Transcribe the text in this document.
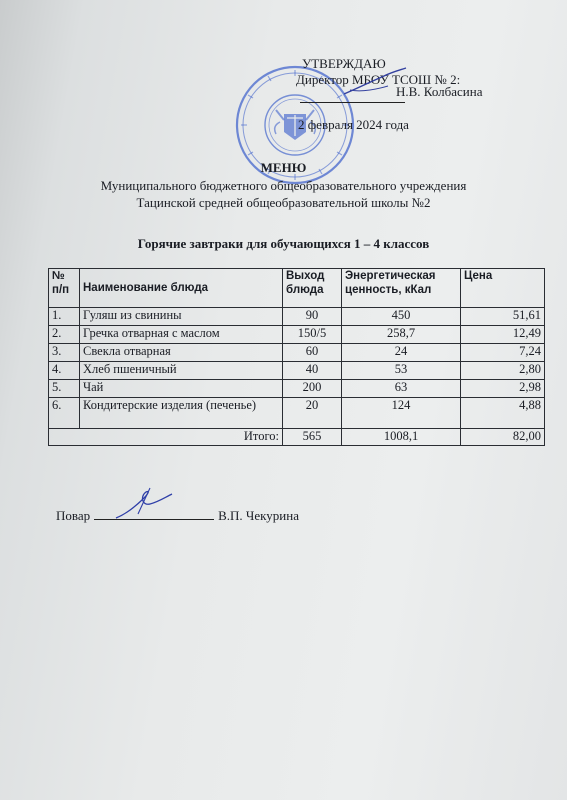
УТВЕРЖДАЮ
Директор МБОУ ТСОШ № 2:
Н.В. Колбасина
2 февраля 2024 года
МЕНЮ
Муниципального бюджетного общеобразовательного учреждения
Тацинской средней общеобразовательной школы №2
Горячие завтраки для обучающихся 1 – 4 классов
№ п/п	Наименование блюда	Выход блюда	Энергетическая ценность, кКал	Цена
1.	Гуляш из свинины	90	450	51,61
2.	Гречка отварная с маслом	150/5	258,7	12,49
3.	Свекла отварная	60	24	7,24
4.	Хлеб пшеничный	40	53	2,80
5.	Чай	200	63	2,98
6.	Кондитерские изделия (печенье)	20	124	4,88
Итого:		565	1008,1	82,00
Повар	В.П. Чекурина
